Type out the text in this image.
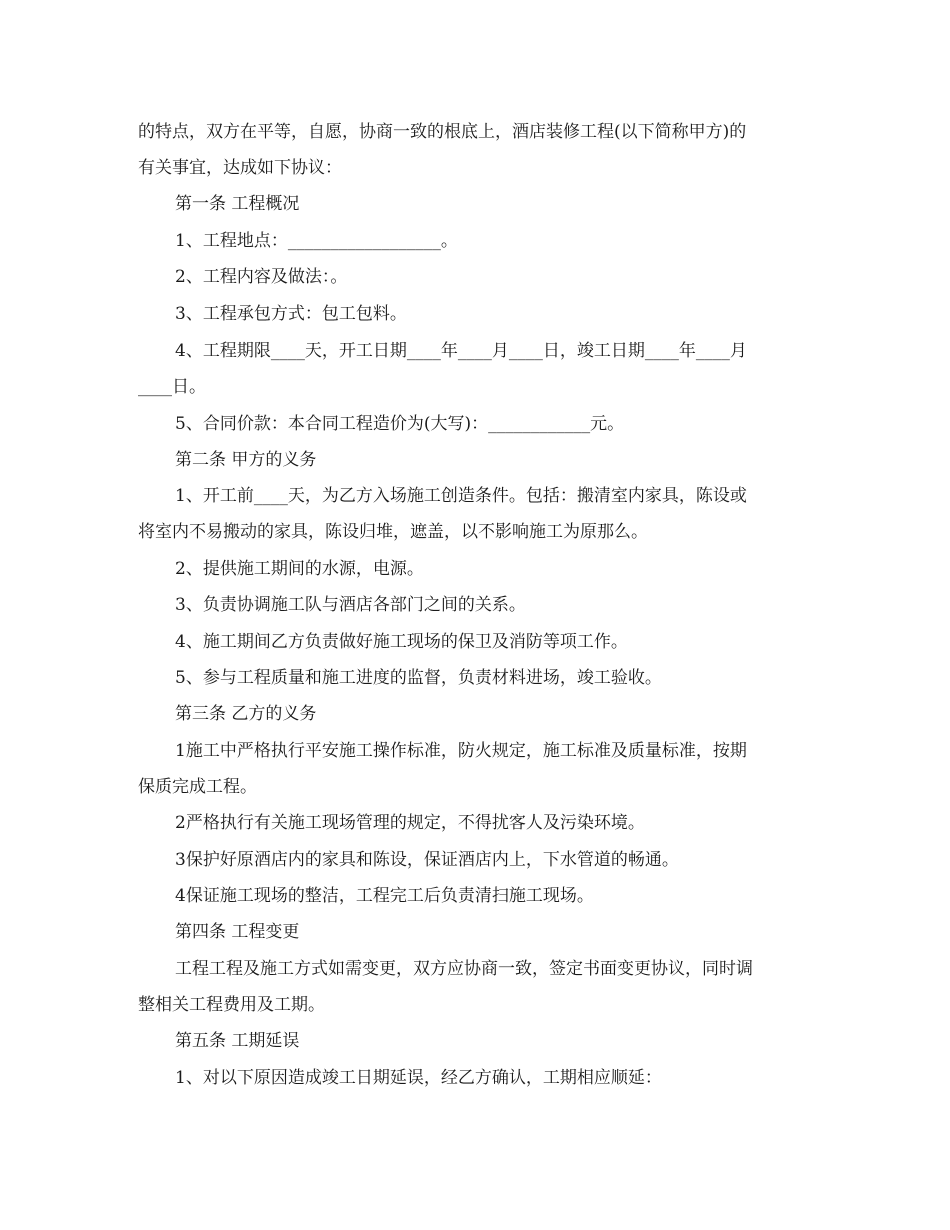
的特点，双方在平等，自愿，协商一致的根底上，酒店装修工程(以下简称甲方)的
有关事宜，达成如下协议：
第一条 工程概况
1、工程地点：__________________。
2、工程内容及做法：。
3、工程承包方式：包工包料。
4、工程期限____天，开工日期____年____月____日，竣工日期____年____月
____日。
5、合同价款：本合同工程造价为(大写)：____________元。
第二条 甲方的义务
1、开工前____天，为乙方入场施工创造条件。包括：搬清室内家具，陈设或
将室内不易搬动的家具，陈设归堆，遮盖，以不影响施工为原那么。
2、提供施工期间的水源，电源。
3、负责协调施工队与酒店各部门之间的关系。
4、施工期间乙方负责做好施工现场的保卫及消防等项工作。
5、参与工程质量和施工进度的监督，负责材料进场，竣工验收。
第三条 乙方的义务
1施工中严格执行平安施工操作标准，防火规定，施工标准及质量标准，按期
保质完成工程。
2严格执行有关施工现场管理的规定，不得扰客人及污染环境。
3保护好原酒店内的家具和陈设，保证酒店内上，下水管道的畅通。
4保证施工现场的整洁，工程完工后负责清扫施工现场。
第四条 工程变更
工程工程及施工方式如需变更，双方应协商一致，签定书面变更协议，同时调
整相关工程费用及工期。
第五条 工期延误
1、对以下原因造成竣工日期延误，经乙方确认，工期相应顺延：
